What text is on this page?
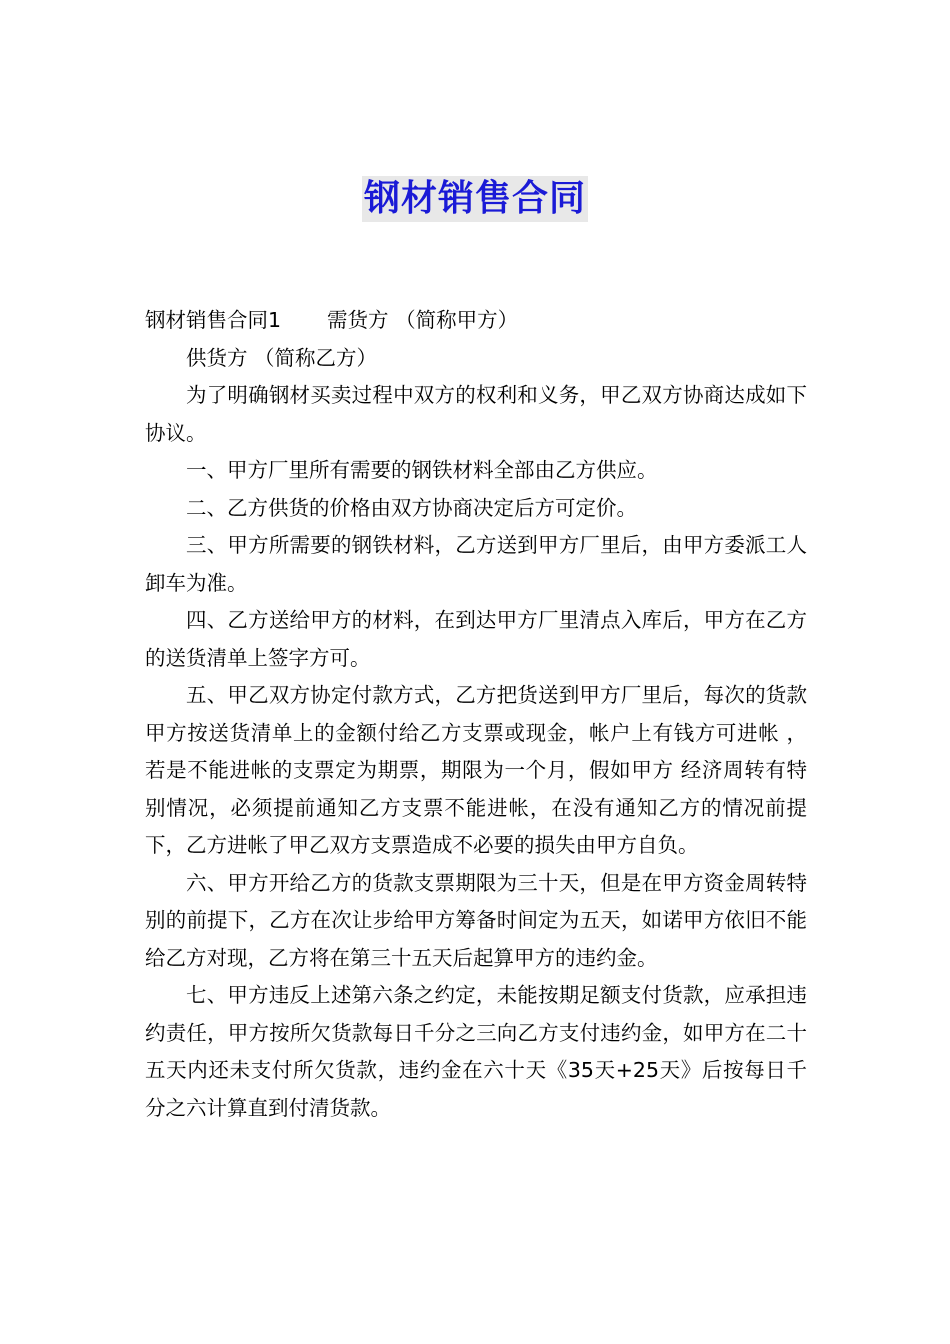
钢材销售合同

钢材销售合同1 需货方 （简称甲方）

供货方 （简称乙方）

为了明确钢材买卖过程中双方的权利和义务，甲乙双方协商达成如下协议。

一、甲方厂里所有需要的钢铁材料全部由乙方供应。

二、乙方供货的价格由双方协商决定后方可定价。

三、甲方所需要的钢铁材料，乙方送到甲方厂里后，由甲方委派工人卸车为准。

四、乙方送给甲方的材料，在到达甲方厂里清点入库后，甲方在乙方的送货清单上签字方可。

五、甲乙双方协定付款方式，乙方把货送到甲方厂里后，每次的货款甲方按送货清单上的金额付给乙方支票或现金，帐户上有钱方可进帐 ，若是不能进帐的支票定为期票，期限为一个月，假如甲方 经济周转有特别情况，必须提前通知乙方支票不能进帐，在没有通知乙方的情况前提下，乙方进帐了甲乙双方支票造成不必要的损失由甲方自负。

六、甲方开给乙方的货款支票期限为三十天，但是在甲方资金周转特别的前提下，乙方在次让步给甲方筹备时间定为五天，如诺甲方依旧不能给乙方对现，乙方将在第三十五天后起算甲方的违约金。

七、甲方违反上述第六条之约定，未能按期足额支付货款，应承担违约责任，甲方按所欠货款每日千分之三向乙方支付违约金，如甲方在二十五天内还未支付所欠货款，违约金在六十天《35天+25天》后按每日千分之六计算直到付清货款。
